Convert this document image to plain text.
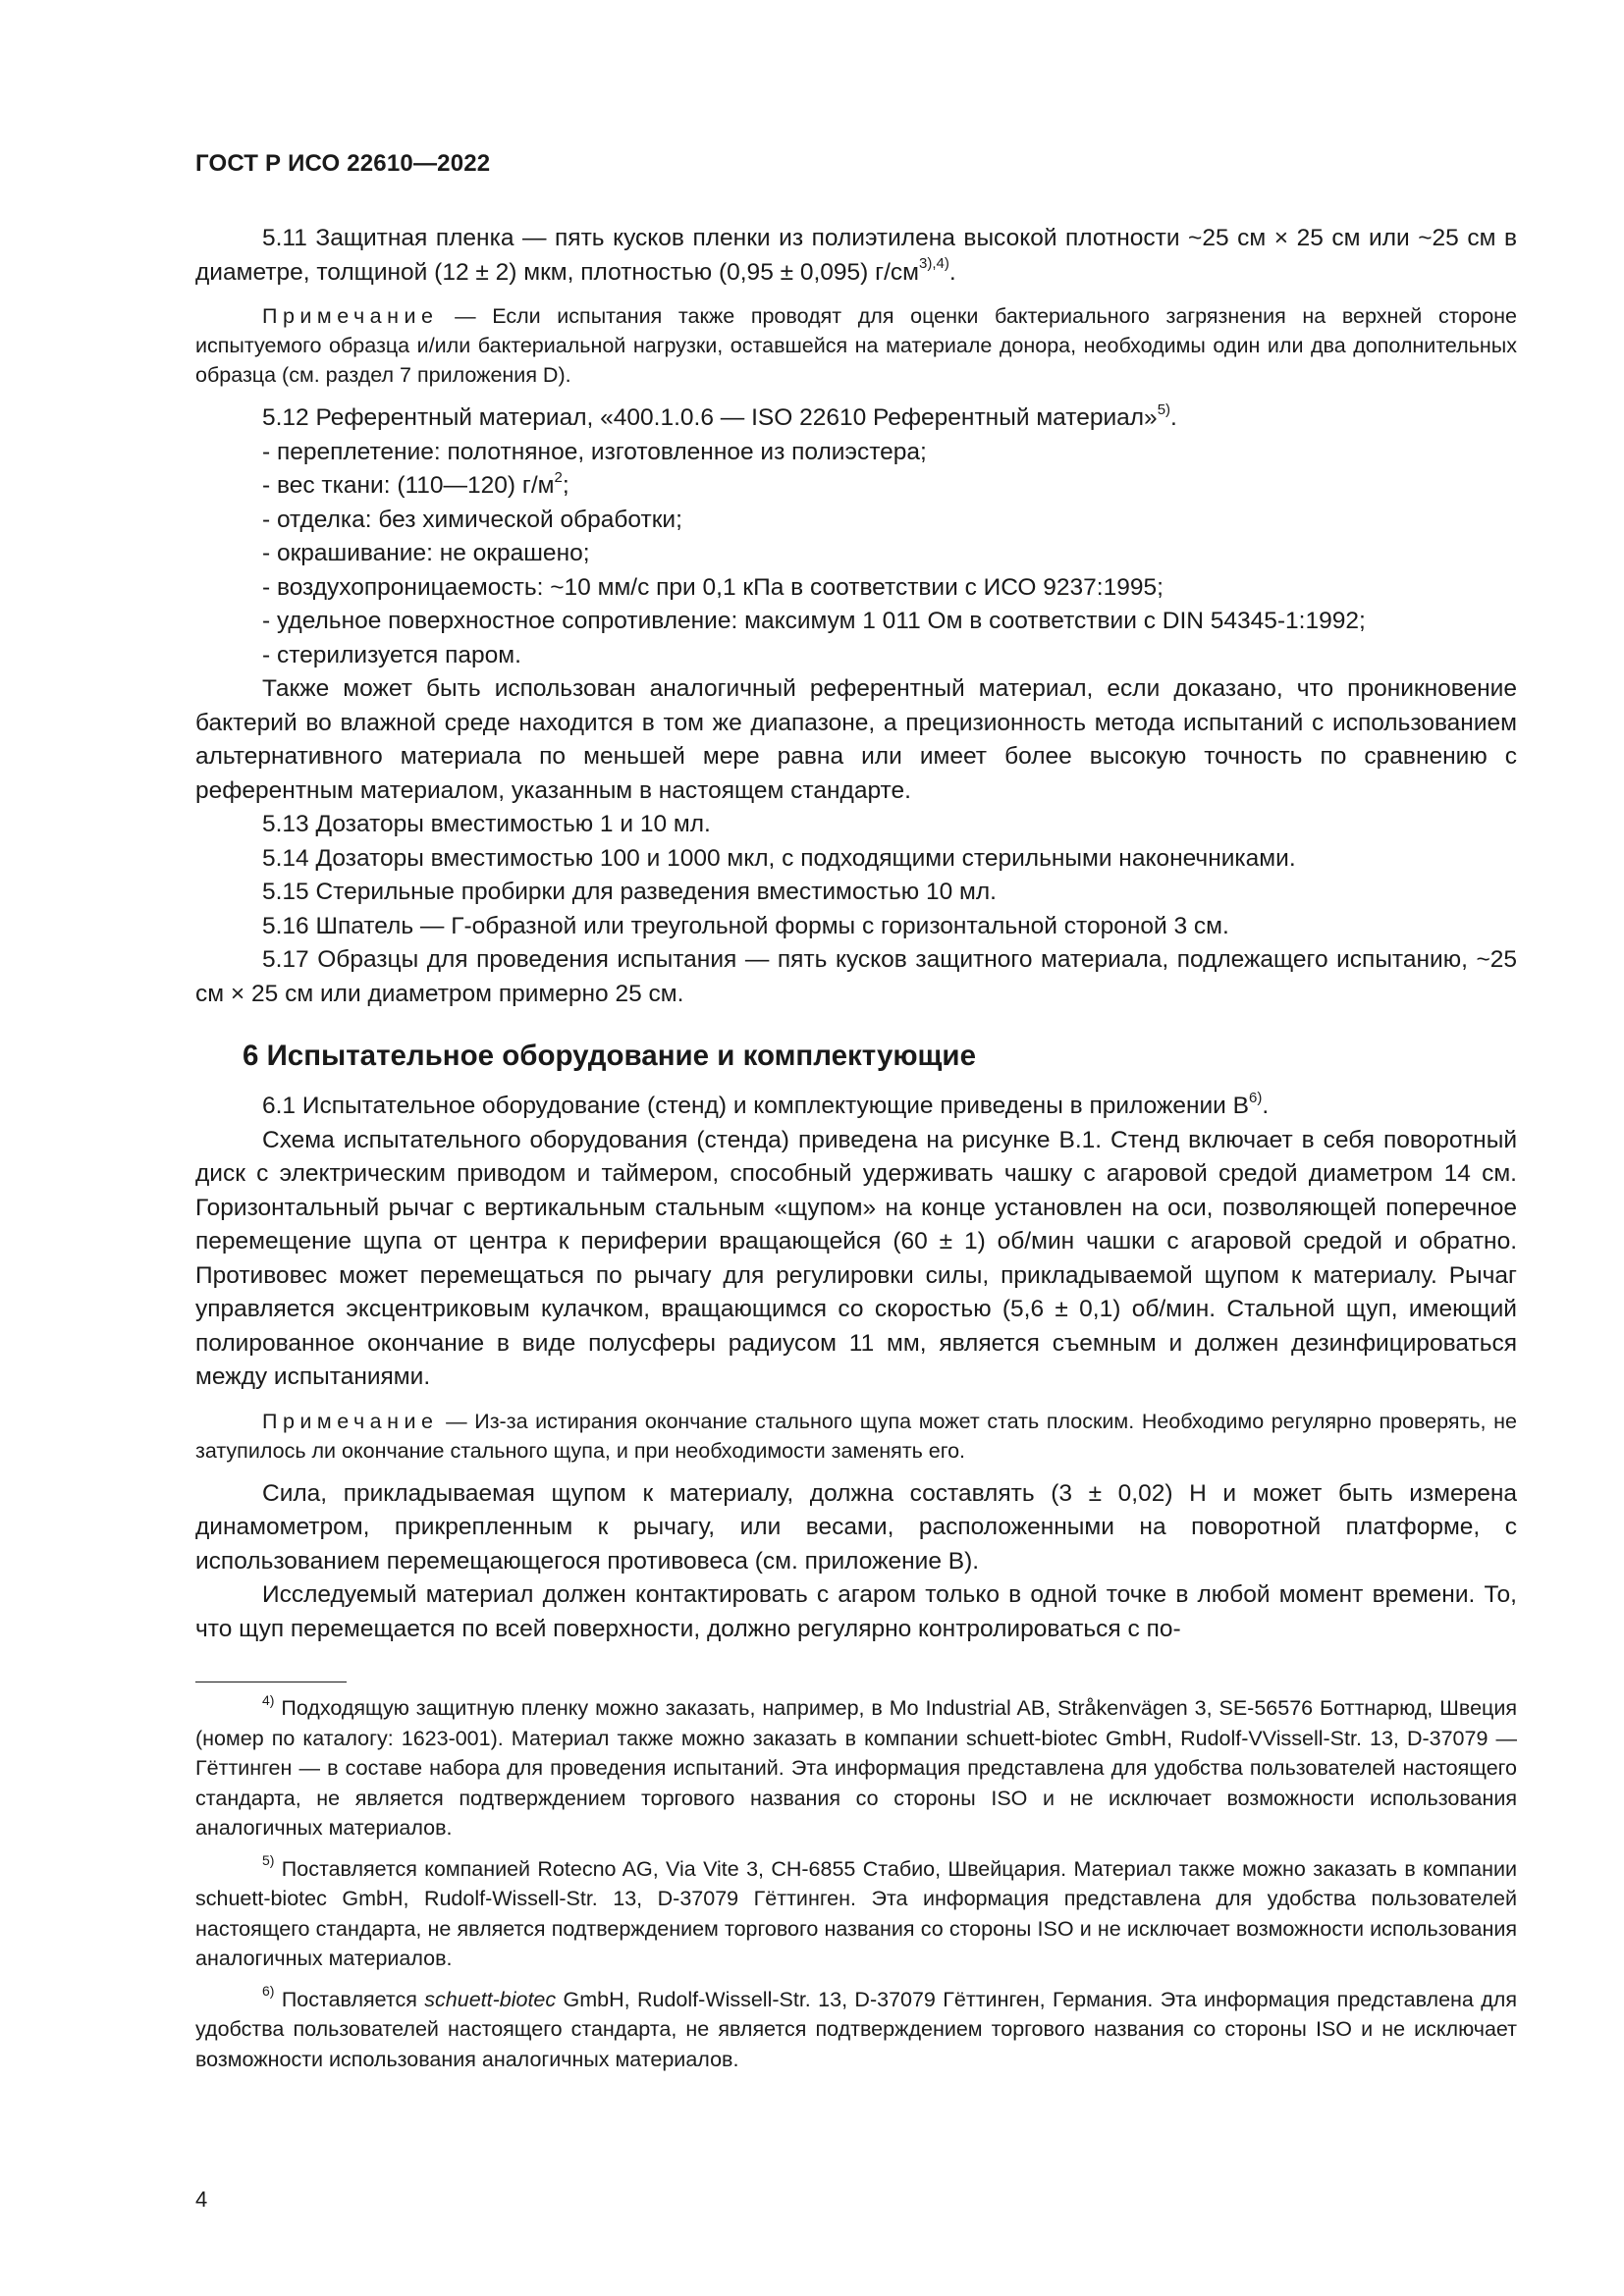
ГОСТ Р ИСО 22610—2022

5.11 Защитная пленка — пять кусков пленки из полиэтилена высокой плотности ~25 см × 25 см или ~25 см в диаметре, толщиной (12 ± 2) мкм, плотностью (0,95 ± 0,095) $г/см^{3),4)}$.

Примечание — Если испытания также проводят для оценки бактериального загрязнения на верхней стороне испытуемого образца и/или бактериальной нагрузки, оставшейся на материале донора, необходимы один или два дополнительных образца (см. раздел 7 приложения D).

5.12 Референтный материал, «400.1.0.6 — ISO 22610 Референтный материал»$^{5)}$.

- переплетение: полотняное, изготовленное из полиэстера;

- вес ткани: (110—120) $г/м^2$;

- отделка: без химической обработки;

- окрашивание: не окрашено;

- воздухопроницаемость: ~10 мм/с при 0,1 кПа в соответствии с ИСО 9237:1995;

- удельное поверхностное сопротивление: максимум 1 011 Ом в соответствии с DIN 54345-1:1992;

- стерилизуется паром.

Также может быть использован аналогичный референтный материал, если доказано, что проникновение бактерий во влажной среде находится в том же диапазоне, а прецизионность метода испытаний с использованием альтернативного материала по меньшей мере равна или имеет более высокую точность по сравнению с референтным материалом, указанным в настоящем стандарте.

5.13 Дозаторы вместимостью 1 и 10 мл.

5.14 Дозаторы вместимостью 100 и 1000 мкл, с подходящими стерильными наконечниками.

5.15 Стерильные пробирки для разведения вместимостью 10 мл.

5.16 Шпатель — Г-образной или треугольной формы с горизонтальной стороной 3 см.

5.17 Образцы для проведения испытания — пять кусков защитного материала, подлежащего испытанию, ~25 см × 25 см или диаметром примерно 25 см.

6 Испытательное оборудование и комплектующие

6.1 Испытательное оборудование (стенд) и комплектующие приведены в приложении $В^{6)}$.

Схема испытательного оборудования (стенда) приведена на рисунке В.1. Стенд включает в себя поворотный диск с электрическим приводом и таймером, способный удерживать чашку с агаровой средой диаметром 14 см. Горизонтальный рычаг с вертикальным стальным «щупом» на конце установлен на оси, позволяющей поперечное перемещение щупа от центра к периферии вращающейся (60 ± 1) об/мин чашки с агаровой средой и обратно. Противовес может перемещаться по рычагу для регулировки силы, прикладываемой щупом к материалу. Рычаг управляется эксцентриковым кулачком, вращающимся со скоростью (5,6 ± 0,1) об/мин. Стальной щуп, имеющий полированное окончание в виде полусферы радиусом 11 мм, является съемным и должен дезинфицироваться между испытаниями.

Примечание — Из-за истирания окончание стального щупа может стать плоским. Необходимо регулярно проверять, не затупилось ли окончание стального щупа, и при необходимости заменять его.

Сила, прикладываемая щупом к материалу, должна составлять (3 ± 0,02) Н и может быть измерена динамометром, прикрепленным к рычагу, или весами, расположенными на поворотной платформе, с использованием перемещающегося противовеса (см. приложение В).

Исследуемый материал должен контактировать с агаром только в одной точке в любой момент времени. То, что щуп перемещается по всей поверхности, должно регулярно контролироваться с по-

$^{4)}$ Подходящую защитную пленку можно заказать, например, в Mo Industrial AB, Stråkenvägen 3, SE-56576 Боттнарюд, Швеция (номер по каталогу: 1623-001). Материал также можно заказать в компании schuett-biotec GmbH, Rudolf-VVissell-Str. 13, D-37079 — Гёттинген — в составе набора для проведения испытаний. Эта информация представлена для удобства пользователей настоящего стандарта, не является подтверждением торгового названия со стороны ISO и не исключает возможности использования аналогичных материалов.

$^{5)}$ Поставляется компанией Rotecno AG, Via Vite 3, CH-6855 Стабио, Швейцария. Материал также можно заказать в компании schuett-biotec GmbH, Rudolf-Wissell-Str. 13, D-37079 Гёттинген. Эта информация представлена для удобства пользователей настоящего стандарта, не является подтверждением торгового названия со стороны ISO и не исключает возможности использования аналогичных материалов.

$^{6)}$ Поставляется schuett-biotec GmbH, Rudolf-Wissell-Str. 13, D-37079 Гёттинген, Германия. Эта информация представлена для удобства пользователей настоящего стандарта, не является подтверждением торгового названия со стороны ISO и не исключает возможности использования аналогичных материалов.

4
